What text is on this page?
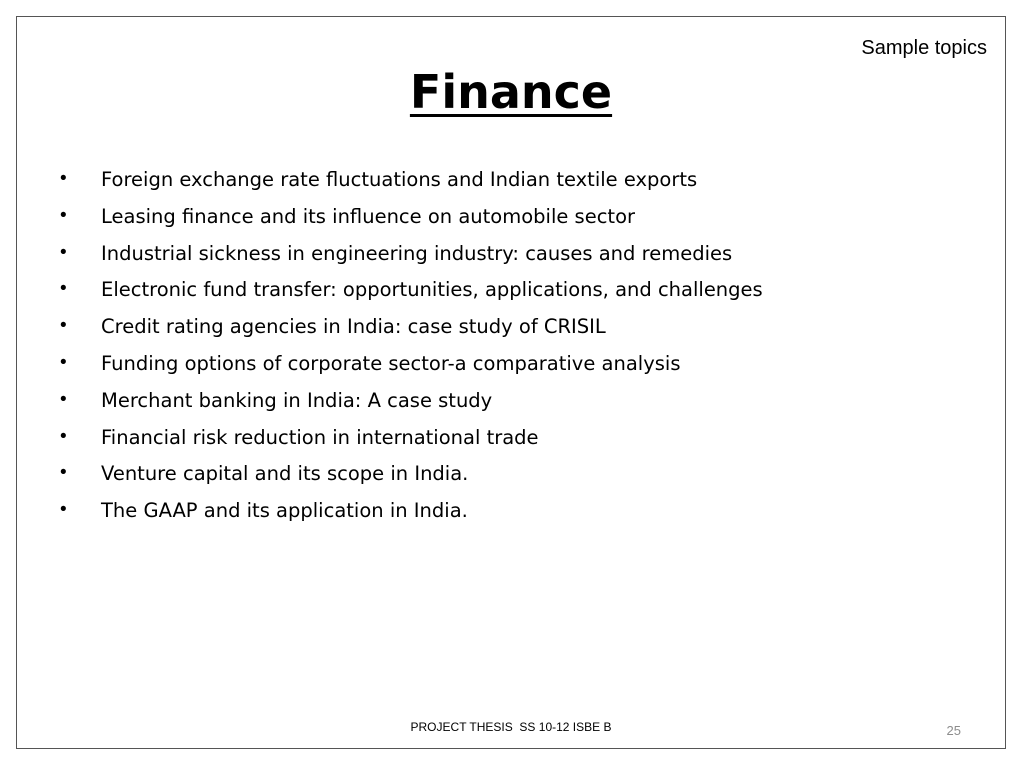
Sample topics
Finance
•	Foreign exchange rate fluctuations and Indian textile exports
•	Leasing finance and its influence on automobile sector
•	Industrial sickness in engineering industry: causes and remedies
•	Electronic fund transfer: opportunities, applications, and challenges
•	Credit rating agencies in India: case study of CRISIL
•	Funding options of corporate sector-a comparative analysis
•	Merchant banking in India: A case study
•	Financial risk reduction in international trade
•	Venture capital and its scope in India.
•	The GAAP and its application in India.
PROJECT THESIS  SS 10-12 ISBE B	25
